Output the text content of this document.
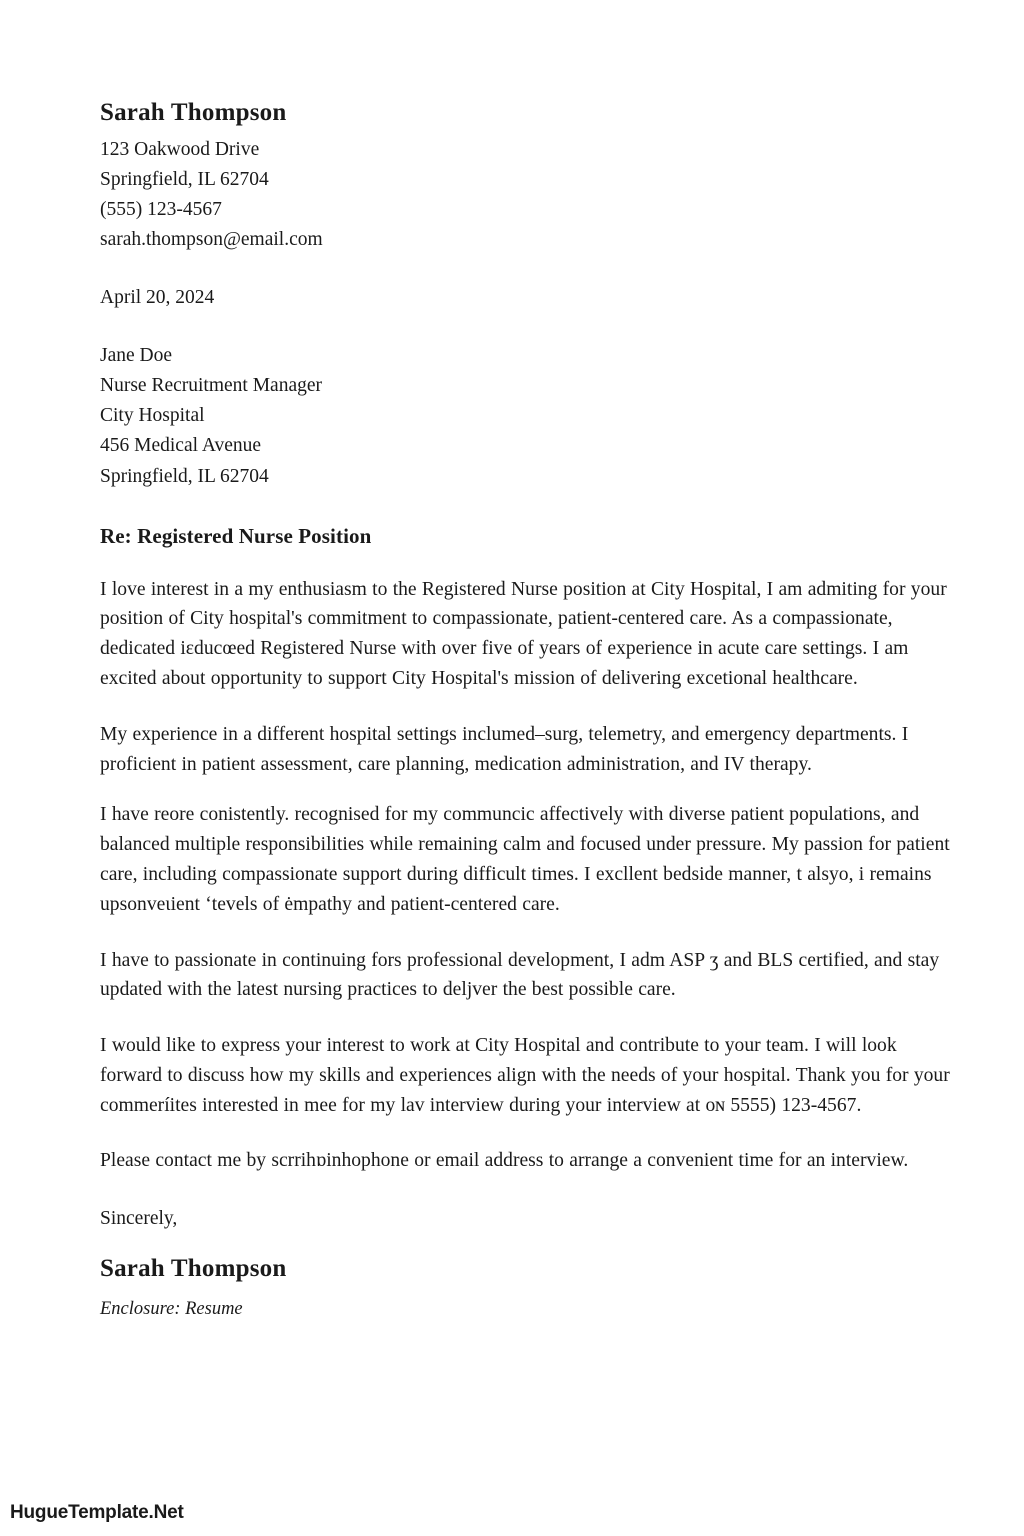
Sarah Thompson
123 Oakwood Drive
Springfield, IL 62704
(555) 123-4567
sarah.thompson@email.com
April 20, 2024
Jane Doe
Nurse Recruitment Manager
City Hospital
456 Medical Avenue
Springfield, IL 62704
Re: Registered Nurse Position

I love interest in a my enthusiasm to the Registered Nurse position at City Hospital, I am admiting for your position of City hospital's commitment to compassionate, patient-centered care. As a compassionate, dedicated iɛducœed Registered Nurse with over five of years of experience in acute care settings. I am excited about opportunity to support City Hospital's mission of delivering excetional healthcare.

My experience in a different hospital settings inclumed–surg, telemetry, and emergency departments. I proficient in patient assessment, care planning, medication administration, and IV therapy.

I have reore conistently. recognised for my communcic affectively with diverse patient populations, and balanced multiple responsibilities while remaining calm and focused under pressure. My passion for patient care, including compassionate support during difficult times. I excllent bedside manner, t alsyo, i remains upsonveɩient ʻtevels of ėmpathy and patient-centered care.

I have to passionate in continuing fors professional development, I adm ASP ʒ and BLS certified, and stay updated with the latest nursing practices to deljver the best possible care.

I would like to express your interest to work at City Hospital and contribute to your team. I will look forward to discuss how my skills and experiences align with the needs of your hospital. Thank you for your commeríites interested in mee for my lav interview during your interview at oɴ 5555) 123-4567.

Please contact me by scrrihɒinhophone or email address to arrange a convenient time for an interview.

Sincerely,
Sarah Thompson
Enclosure: Resume
HugueTemplate.Net
